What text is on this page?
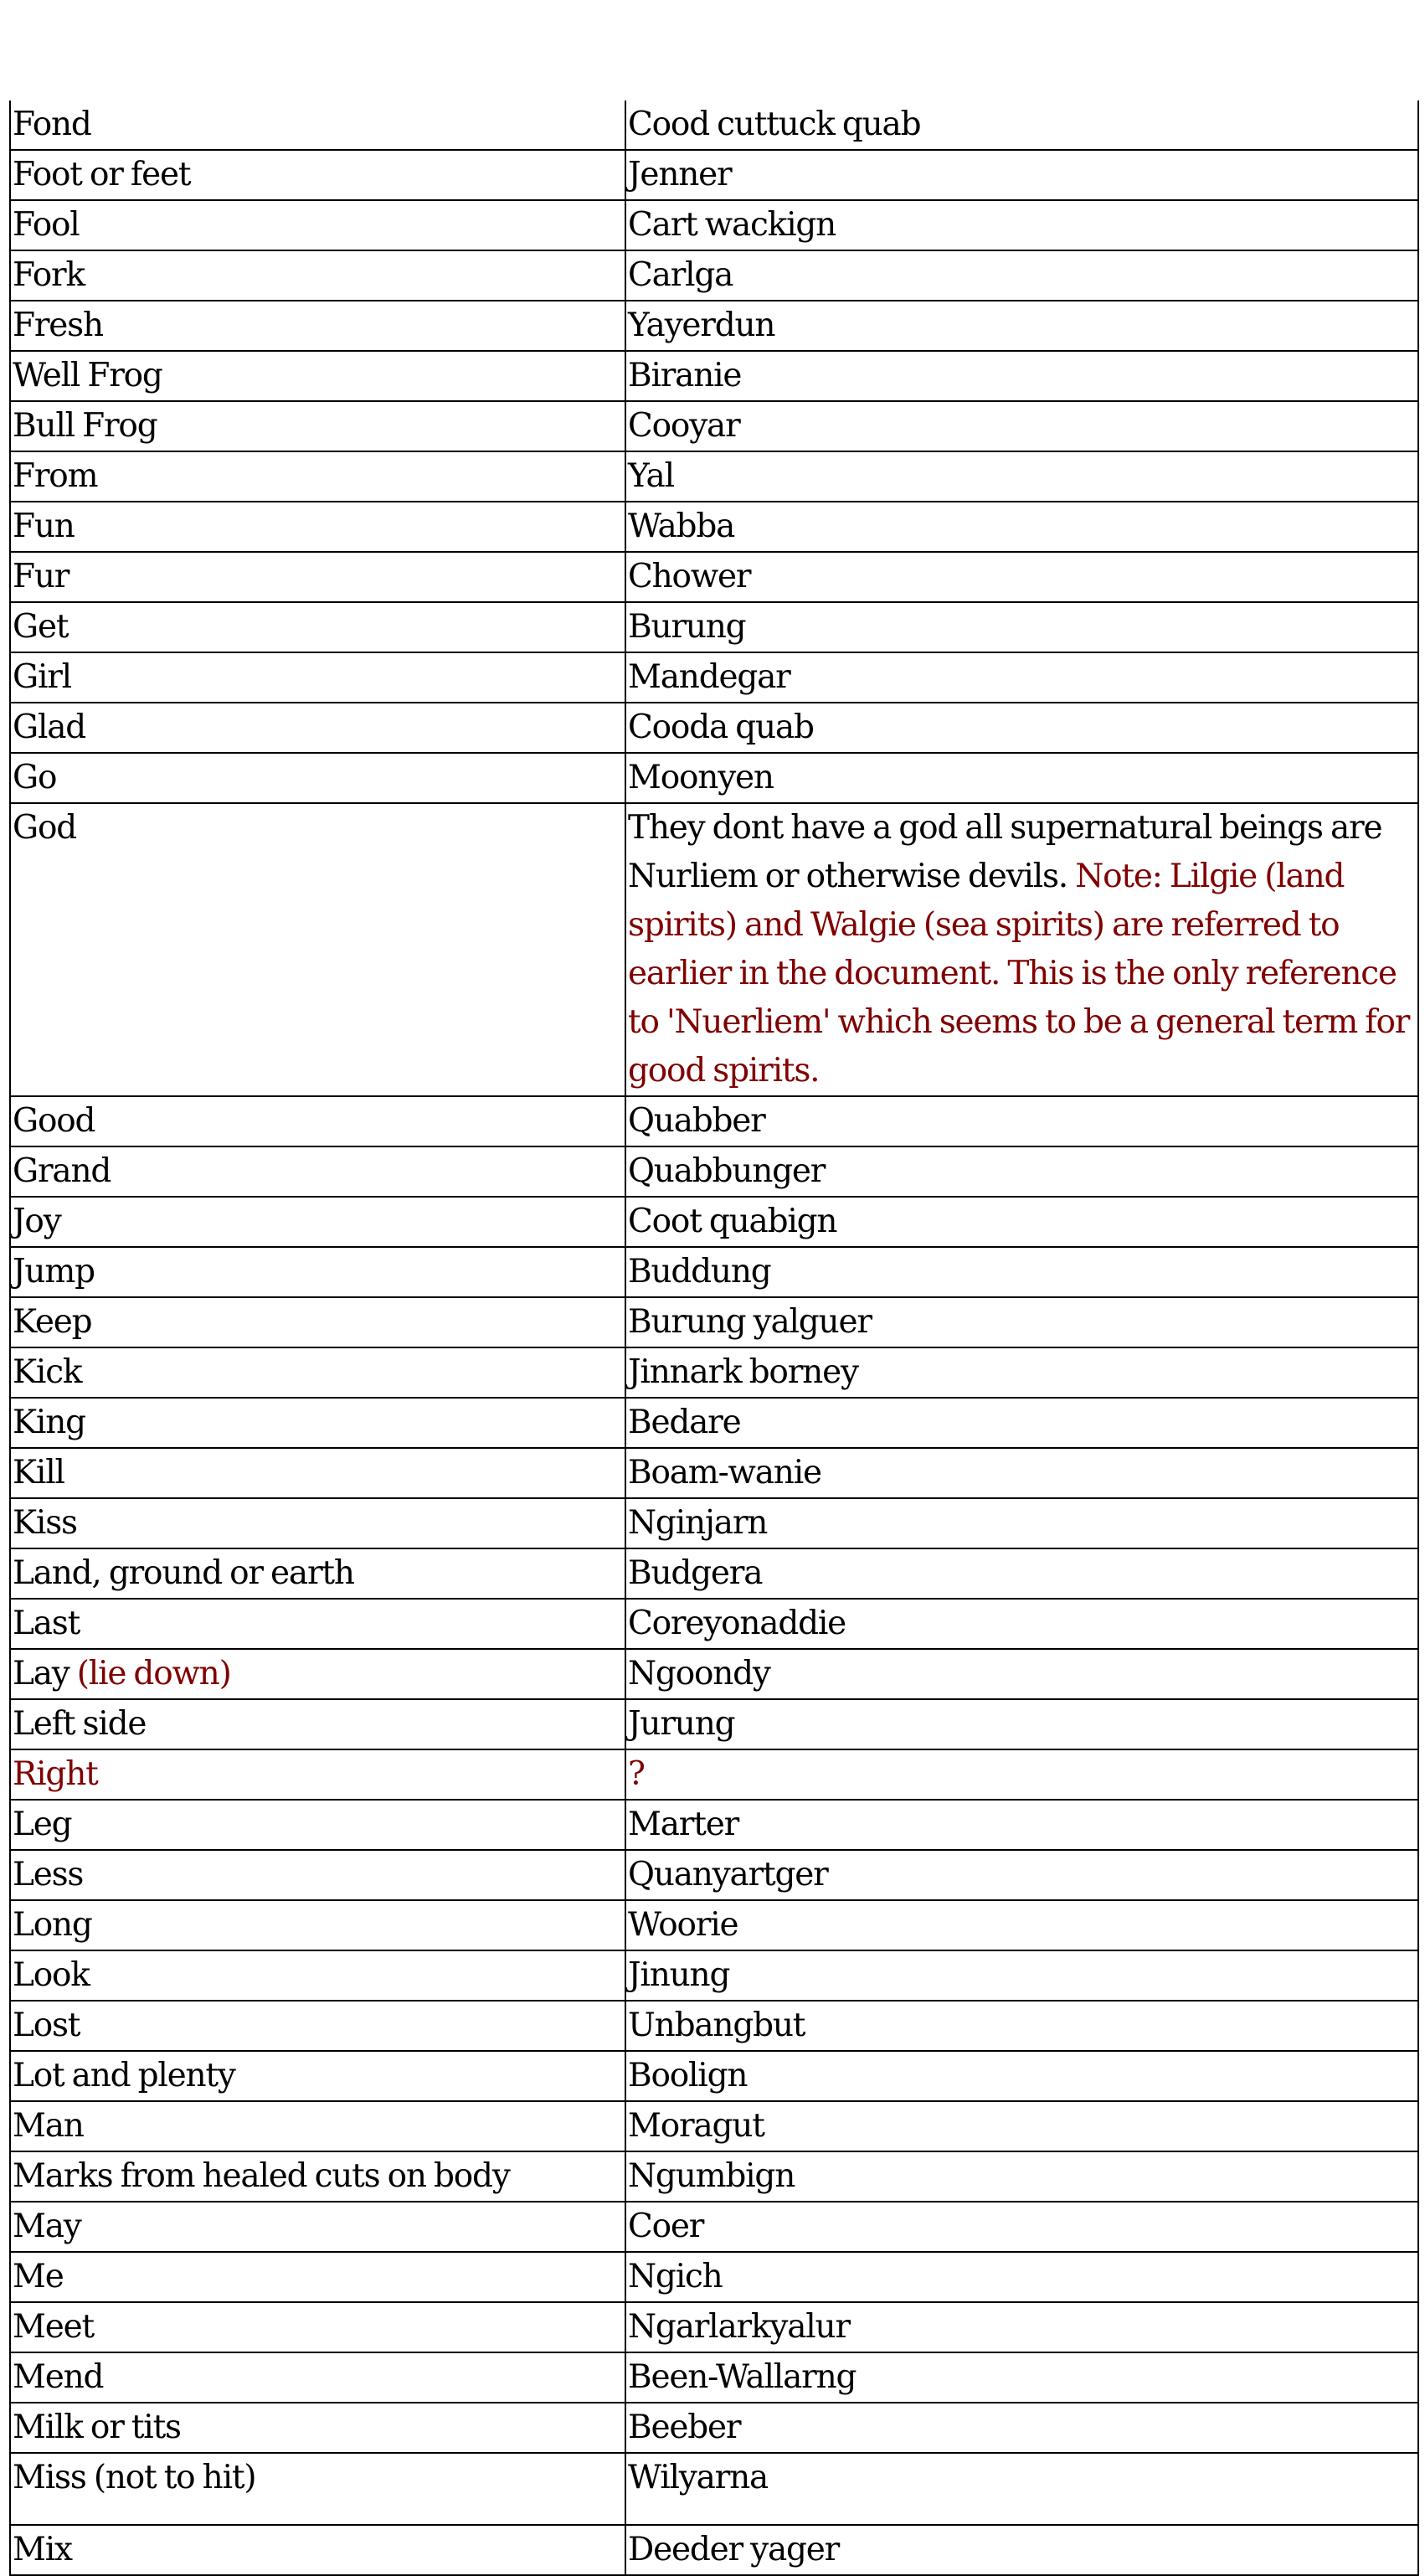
Fond	Cood cuttuck quab
Foot or feet	Jenner
Fool	Cart wackign
Fork	Carlga
Fresh	Yayerdun
Well Frog	Biranie
Bull Frog	Cooyar
From	Yal
Fun	Wabba
Fur	Chower
Get	Burung
Girl	Mandegar
Glad	Cooda quab
Go	Moonyen
God	They dont have a god all supernatural beings are Nurliem or otherwise devils. Note: Lilgie (land spirits) and Walgie (sea spirits) are referred to earlier in the document. This is the only reference to 'Nuerliem' which seems to be a general term for good spirits.
Good	Quabber
Grand	Quabbunger
Joy	Coot quabign
Jump	Buddung
Keep	Burung yalguer
Kick	Jinnark borney
King	Bedare
Kill	Boam-wanie
Kiss	Nginjarn
Land, ground or earth	Budgera
Last	Coreyonaddie
Lay (lie down)	Ngoondy
Left side	Jurung
Right	?
Leg	Marter
Less	Quanyartger
Long	Woorie
Look	Jinung
Lost	Unbangbut
Lot and plenty	Boolign
Man	Moragut
Marks from healed cuts on body	Ngumbign
May	Coer
Me	Ngich
Meet	Ngarlarkyalur
Mend	Been-Wallarng
Milk or tits	Beeber
Miss (not to hit)	Wilyarna
Mix	Deeder yager
